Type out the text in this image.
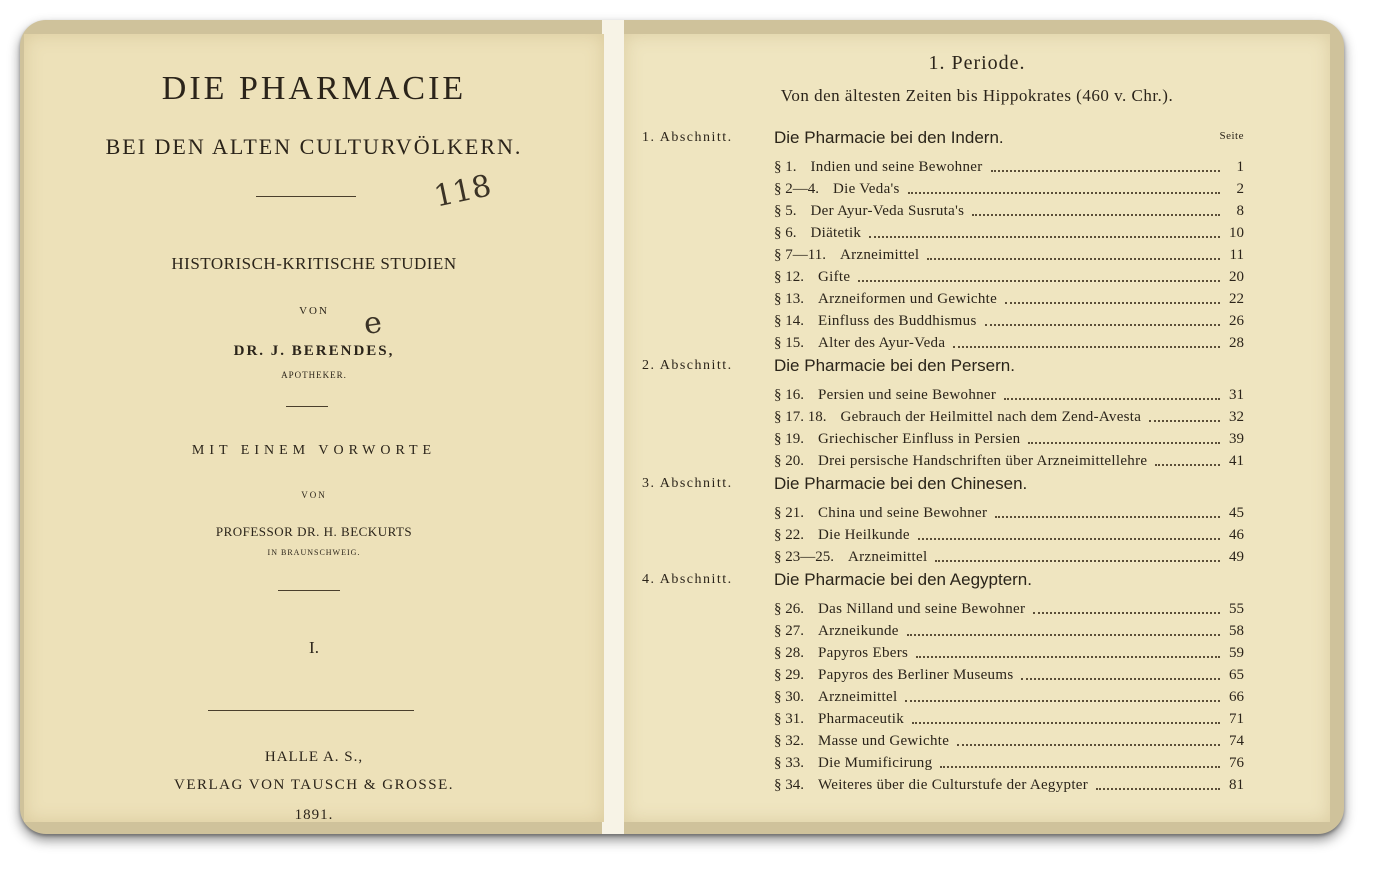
DIE PHARMACIE
BEI DEN ALTEN CULTURVÖLKERN.
118
HISTORISCH-KRITISCHE STUDIEN
VON	e
DR. J. BERENDES,
APOTHEKER.
MIT EINEM VORWORTE
VON
PROFESSOR DR. H. BECKURTS
IN BRAUNSCHWEIG.
I.
HALLE A. S.,
VERLAG VON TAUSCH & GROSSE.
1891.
1. Periode.
Von den ältesten Zeiten bis Hippokrates (460 v. Chr.).
1. Abschnitt. Die Pharmacie bei den Indern.	Seite
§ 1. Indien und seine Bewohner	1
§ 2—4. Die Veda's	2
§ 5. Der Ayur-Veda Susruta's	8
§ 6. Diätetik	10
§ 7—11. Arzneimittel	11
§ 12. Gifte	20
§ 13. Arzneiformen und Gewichte	22
§ 14. Einfluss des Buddhismus	26
§ 15. Alter des Ayur-Veda	28
2. Abschnitt. Die Pharmacie bei den Persern.
§ 16. Persien und seine Bewohner	31
§ 17. 18. Gebrauch der Heilmittel nach dem Zend-Avesta	32
§ 19. Griechischer Einfluss in Persien	39
§ 20. Drei persische Handschriften über Arzneimittellehre	41
3. Abschnitt. Die Pharmacie bei den Chinesen.
§ 21. China und seine Bewohner	45
§ 22. Die Heilkunde	46
§ 23—25. Arzneimittel	49
4. Abschnitt. Die Pharmacie bei den Aegyptern.
§ 26. Das Nilland und seine Bewohner	55
§ 27. Arzneikunde	58
§ 28. Papyros Ebers	59
§ 29. Papyros des Berliner Museums	65
§ 30. Arzneimittel	66
§ 31. Pharmaceutik	71
§ 32. Masse und Gewichte	74
§ 33. Die Mumificirung	76
§ 34. Weiteres über die Culturstufe der Aegypter	81
